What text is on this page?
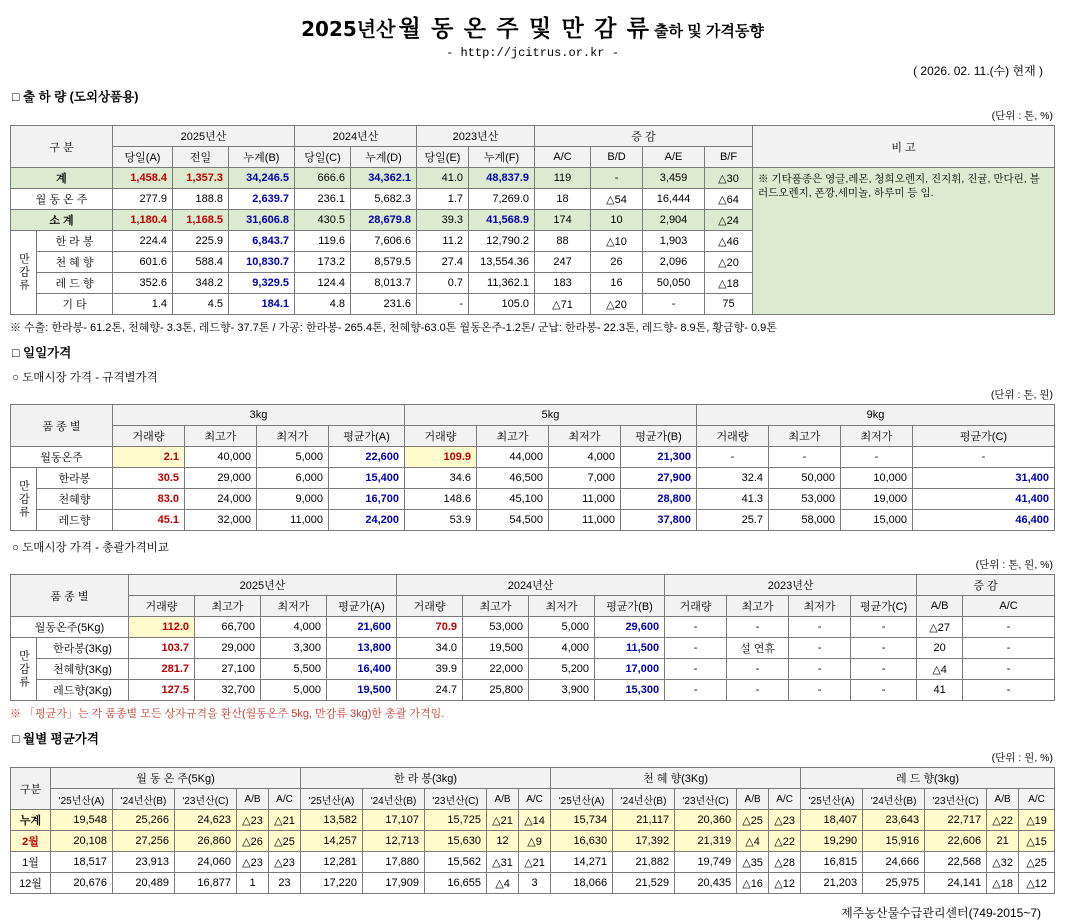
2025년산 월 동 온 주 및 만 감 류 출하 및 가격동향
- http://jcitrus.or.kr -
( 2026. 02. 11.(수) 현재 )
□ 출 하 량 (도외상품용)
(단위 : 톤, %)
구 분		2025년산			2024년산		2023년산		증 감				비 고
		당일(A)	전일	누계(B)	당일(C)	누계(D)	당일(E)	누계(F)	A/C	B/D	A/E	B/F	
계		1,458.4	1,357.3	34,246.5	666.6	34,362.1	41.0	48,837.9	119	-	3,459	△30	※ 기타품종은 영글,레몬, 청희오렌지, 진지휘, 진귤, 만다린, 블러드오렌지, 폰깡,세미놀, 하루미 등 임.
월 동 온 주		277.9	188.8	2,639.7	236.1	5,682.3	1.7	7,269.0	18	△54	16,444	△64	
소 계		1,180.4	1,168.5	31,606.8	430.5	28,679.8	39.3	41,568.9	174	10	2,904	△24	
만감류	한 라 봉	224.4	225.9	6,843.7	119.6	7,606.6	11.2	12,790.2	88	△10	1,903	△46	
	천 혜 향	601.6	588.4	10,830.7	173.2	8,579.5	27.4	13,554.36	247	26	2,096	△20	
	레 드 향	352.6	348.2	9,329.5	124.4	8,013.7	0.7	11,362.1	183	16	50,050	△18	
	기 타	1.4	4.5	184.1	4.8	231.6	-	105.0	△71	△20	-	75	
※ 수출: 한라봉- 61.2톤, 천혜향- 3.3톤, 레드향- 37.7톤 / 가공: 한라봉- 265.4톤, 천혜향-63.0톤 월동온주-1.2톤/ 군납: 한라봉- 22.3톤, 레드향- 8.9톤, 황금향- 0.9톤
□ 일일가격
○ 도매시장 가격 - 규격별가격
(단위 : 톤, 원)
품 종 별		3kg				5kg				9kg			
		거래량	최고가	최저가	평균가(A)	거래량	최고가	최저가	평균가(B)	거래량	최고가	최저가	평균가(C)
월동온주		2.1	40,000	5,000	22,600	109.9	44,000	4,000	21,300	-	-	-	-
만감류	한라봉	30.5	29,000	6,000	15,400	34.6	46,500	7,000	27,900	32.4	50,000	10,000	31,400
	천혜향	83.0	24,000	9,000	16,700	148.6	45,100	11,000	28,800	41.3	53,000	19,000	41,400
	레드향	45.1	32,000	11,000	24,200	53.9	54,500	11,000	37,800	25.7	58,000	15,000	46,400
○ 도매시장 가격 - 총괄가격비교
(단위 : 톤, 원, %)
품 종 별		2025년산				2024년산				2023년산				증 감	
		거래량	최고가	최저가	평균가(A)	거래량	최고가	최저가	평균가(B)	거래량	최고가	최저가	평균가(C)	A/B	A/C
월동온주(5Kg)		112.0	66,700	4,000	21,600	70.9	53,000	5,000	29,600	-	-	-	-	△27	-
만감류	한라봉(3Kg)	103.7	29,000	3,300	13,800	34.0	19,500	4,000	11,500	-	설 연휴	-	-	20	-
	천혜향(3Kg)	281.7	27,100	5,500	16,400	39.9	22,000	5,200	17,000	-	-	-	-	△4	-
	레드향(3Kg)	127.5	32,700	5,000	19,500	24.7	25,800	3,900	15,300	-	-	-	-	41	-
※ 「평균가」는 각 품종별 모든 상자규격을 환산(월동온주 5kg, 만감류 3kg)한 총괄 가격임.
□ 월별 평균가격
(단위 : 원, %)
구분	월 동 온 주(5Kg)					한 라 봉(3kg)					천 혜 향(3Kg)					레 드 향(3kg)				
	'25년산(A)	'24년산(B)	'23년산(C)	A/B	A/C	'25년산(A)	'24년산(B)	'23년산(C)	A/B	A/C	'25년산(A)	'24년산(B)	'23년산(C)	A/B	A/C	'25년산(A)	'24년산(B)	'23년산(C)	A/B	A/C
누계	19,548	25,266	24,623	△23	△21	13,582	17,107	15,725	△21	△14	15,734	21,117	20,360	△25	△23	18,407	23,643	22,717	△22	△19
2월	20,108	27,256	26,860	△26	△25	14,257	12,713	15,630	12	△9	16,630	17,392	21,319	△4	△22	19,290	15,916	22,606	21	△15
1월	18,517	23,913	24,060	△23	△23	12,281	17,880	15,562	△31	△21	14,271	21,882	19,749	△35	△28	16,815	24,666	22,568	△32	△25
12월	20,676	20,489	16,877	1	23	17,220	17,909	16,655	△4	3	18,066	21,529	20,435	△16	△12	21,203	25,975	24,141	△18	△12
제주농산물수급관리센터(749-2015~7)
